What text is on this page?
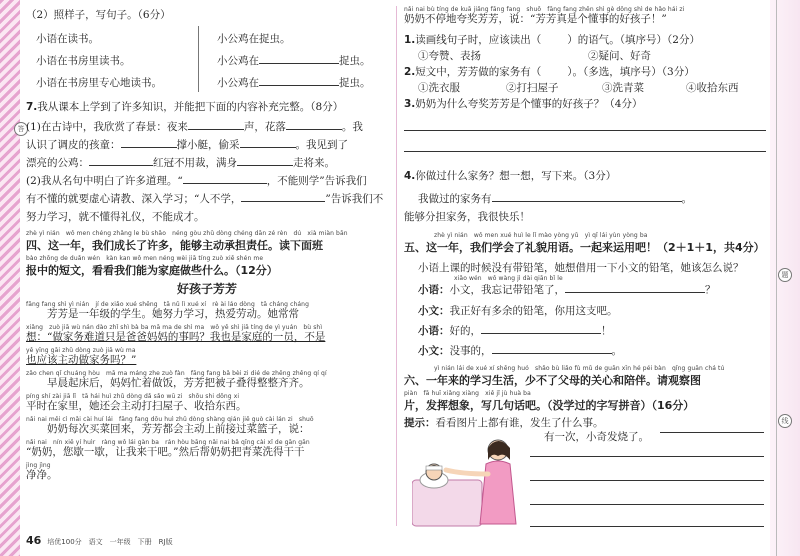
答
题
线
（2）照样子，写句子。（6分）
小语在读书。
小语在书房里读书。
小语在书房里专心地读书。
小公鸡在捉虫。
小公鸡在	捉虫。
小公鸡在	捉虫。
7.我从课本上学到了许多知识，并能把下面的内容补充完整。（8分）
(1)在古诗中，我欣赏了春景：夜来	声，花落	。我
认识了调皮的孩童：	撑小艇，偷采	。我见到了
漂亮的公鸡：	红冠不用裁，满身	走将来。
(2)我从名句中明白了许多道理。“	，不能则学”告诉我们
有不懂的就要虚心请教、深入学习；“人不学，	”告诉我们不
努力学习，就不懂得礼仪，不能成才。
zhè yì nián　wǒ men chéng zhǎng le bù shǎo　néng gòu zhǔ dòng chéng dān zé rèn　dú　xià miàn bān
四、这一年，我们成长了许多，能够主动承担责任。读下面班
bào zhōng de duǎn wén　kàn kan wǒ men néng wèi jiā tíng zuò xiē shén me
报中的短文，看看我们能为家庭做些什么。（12分）
好孩子芳芳
fāng fang shì yì nián　jí de xiǎo xué shēng　tā nǔ lì xué xí　rè ài láo dòng　tā cháng cháng
　　芳芳是一年级的学生。她努力学习，热爱劳动。她常常
xiǎng　zuò jiā wù nán dào zhǐ shì bà ba mā ma de shì ma　wǒ yě shì jiā tíng de yì yuán　bù shì
想：“做家务难道只是爸爸妈妈的事吗？我也是家庭的一员，不是
yě yīng gāi zhǔ dòng zuò jiā wù ma
也应该主动做家务吗？”
zǎo chen qǐ chuáng hòu　mā ma máng zhe zuò fàn　fāng fang bǎ bèi zi dié de zhěng zhěng qí qí
　　早晨起床后，妈妈忙着做饭，芳芳把被子叠得整整齐齐。
píng shí zài jiā lǐ　tā hái huì zhǔ dòng dǎ sǎo wū zi　shōu shi dōng xi
平时在家里，她还会主动打扫屋子、收拾东西。
nǎi nai měi cì mǎi cài huí lái　fāng fang dōu huì zhǔ dòng shàng qián jiē guò cài lán zi　shuō
　　奶奶每次买菜回来，芳芳都会主动上前接过菜篮子，说：
nǎi nai　nín xiē yí huìr　ràng wǒ lái gàn ba　rán hòu bāng nǎi nai bǎ qīng cài xǐ de gān gān
“奶奶，您歇一歇，让我来干吧。”然后帮奶奶把青菜洗得干干
jìng jìng
净净。
nǎi nai bù tíng de kuā jiǎng fāng fang　shuō　fāng fang zhēn shì gè dǒng shì de hǎo hái zi
奶奶不停地夸奖芳芳，说：“芳芳真是个懂事的好孩子！”
1.读画线句子时，应该读出（ ）的语气。（填序号）（2分）
①夸赞、表扬	②疑问、好奇
2.短文中，芳芳做的家务有（ ）。（多选，填序号）（3分）
①洗衣服	②打扫屋子	③洗青菜	④收拾东西
3.奶奶为什么夸奖芳芳是个懂事的好孩子？（4分）
4.你做过什么家务？想一想，写下来。（3分）
我做过的家务有	。
能够分担家务，我很快乐！
zhè yì nián　wǒ men xué huì le lǐ mào yòng yǔ　yì qǐ lái yùn yòng ba
五、这一年，我们学会了礼貌用语。一起来运用吧！（2＋1＋1，共4分）
小语上课的时候没有带铅笔，她想借用一下小文的铅笔，她该怎么说？
xiǎo wén　wǒ wàng jì dài qiān bǐ le
小语：小文，我忘记带铅笔了，	？
小文：我正好有多余的铅笔，你用这支吧。
小语：好的，	！
小文：没事的，	。
yì nián lái de xué xí shēng huó　shǎo bù liǎo fù mǔ de guān xīn hé péi bàn　qǐng guān chá tú
六、一年来的学习生活，少不了父母的关心和陪伴。请观察图
piàn　fā huī xiǎng xiàng　xiě jǐ jù huà ba
片，发挥想象，写几句话吧。（没学过的字写拼音）（16分）
提示：看看图片上都有谁，发生了什么事。
有一次，小奇发烧了。
46 培优100分　语文　一年级　下册　RJ版
